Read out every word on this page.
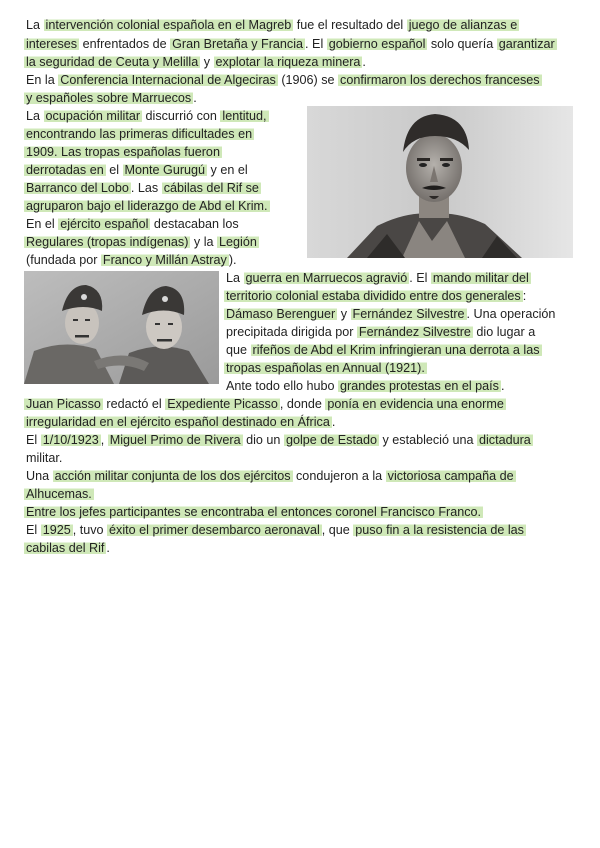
La intervención colonial española en el Magreb fue el resultado del juego de alianzas e
intereses enfrentados de Gran Bretaña y Francia . El gobierno español solo quería garantizar
la seguridad de Ceuta y Melilla y explotar la riqueza minera .
En la Conferencia Internacional de Algeciras (1906) se confirmaron los derechos franceses
y españoles sobre Marruecos .
La ocupación militar discurrió con lentitud,
encontrando las primeras dificultades en
1909. Las tropas españolas fueron
derrotadas en el Monte Gurugú y en el
Barranco del Lobo . Las cábilas del Rif se
agruparon bajo el liderazgo de Abd el Krim.
En el ejército español destacaban los
Regulares (tropas indígenas) y la Legión
(fundada por Franco y Millán Astray ).
La guerra en Marruecos agravió . El mando militar del
territorio colonial estaba dividido entre dos generales :
Dámaso Berenguer y Fernández Silvestre . Una operación
precipitada dirigida por Fernández Silvestre dio lugar a
que rifeños de Abd el Krim infringieran una derrota a las
tropas españolas en Annual (1921).
Ante todo ello hubo grandes protestas en el país .
Juan Picasso redactó el Expediente Picasso , donde ponía en evidencia una enorme
irregularidad en el ejército español destinado en África .
El 1/10/1923 , Miguel Primo de Rivera dio un golpe de Estado y estableció una dictadura
militar.
Una acción militar conjunta de los dos ejércitos condujeron a la victoriosa campaña de
Alhucemas.
Entre los jefes participantes se encontraba el entonces coronel Francisco Franco.
El 1925 , tuvo éxito el primer desembarco aeronaval , que puso fin a la resistencia de las
cabilas del Rif .
